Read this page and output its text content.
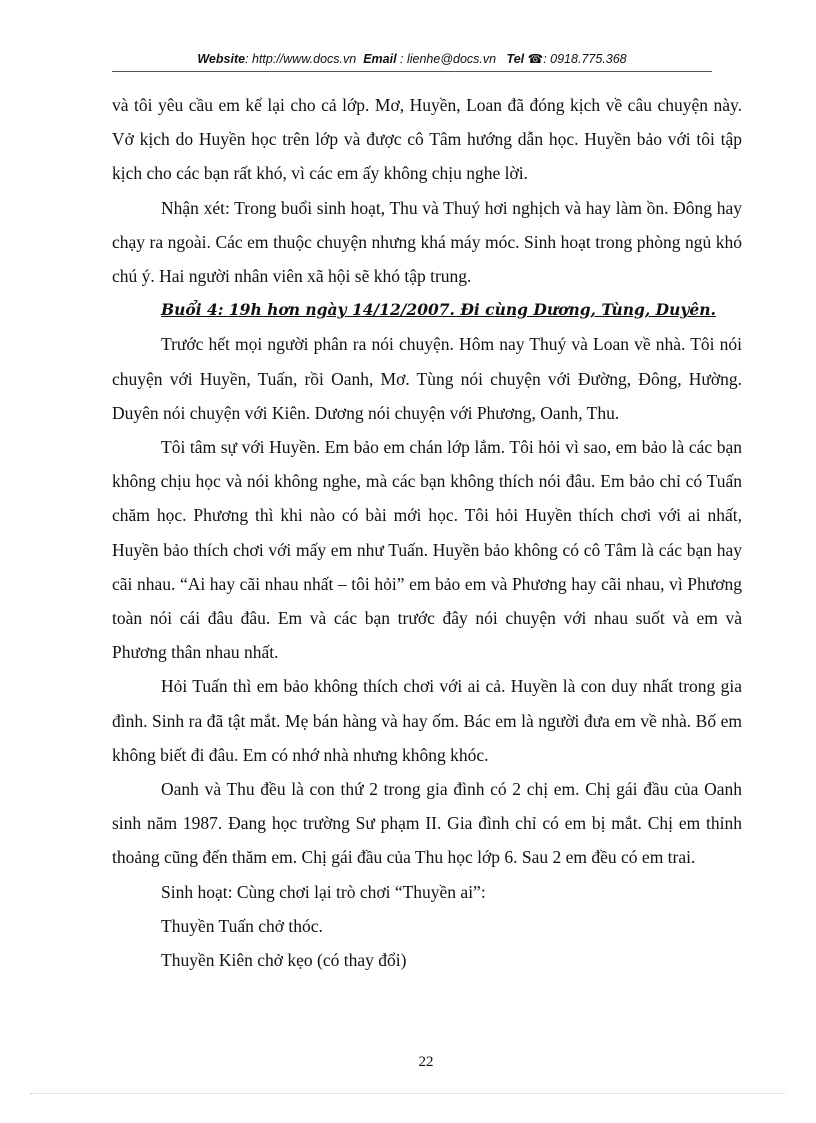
Website: http://www.docs.vn Email : lienhe@docs.vn Tel ☎: 0918.775.368

và tôi yêu cầu em kể lại cho cả lớp. Mơ, Huyền, Loan đã đóng kịch về câu chuyện này. Vở kịch do Huyền học trên lớp và được cô Tâm hướng dẫn học. Huyền bảo với tôi tập kịch cho các bạn rất khó, vì các em ấy không chịu nghe lời.

Nhận xét: Trong buổi sinh hoạt, Thu và Thuý hơi nghịch và hay làm ồn. Đông hay chạy ra ngoài. Các em thuộc chuyện nhưng khá máy móc. Sinh hoạt trong phòng ngủ khó chú ý. Hai người nhân viên xã hội sẽ khó tập trung.

Buổi 4: 19h hơn ngày 14/12/2007. Đi cùng Dương, Tùng, Duyên.

Trước hết mọi người phân ra nói chuyện. Hôm nay Thuý và Loan về nhà. Tôi nói chuyện với Huyền, Tuấn, rồi Oanh, Mơ. Tùng nói chuyện với Đường, Đông, Hường. Duyên nói chuyện với Kiên. Dương nói chuyện với Phương, Oanh, Thu.

Tôi tâm sự với Huyền. Em bảo em chán lớp lắm. Tôi hỏi vì sao, em bảo là các bạn không chịu học và nói không nghe, mà các bạn không thích nói đâu. Em bảo chỉ có Tuấn chăm học. Phương thì khi nào có bài mới học. Tôi hỏi Huyền thích chơi với ai nhất, Huyền bảo thích chơi với mấy em như Tuấn. Huyền bảo không có cô Tâm là các bạn hay cãi nhau. “Ai hay cãi nhau nhất – tôi hỏi” em bảo em và Phương hay cãi nhau, vì Phương toàn nói cái đâu đâu. Em và các bạn trước đây nói chuyện với nhau suốt và em và Phương thân nhau nhất.

Hỏi Tuấn thì em bảo không thích chơi với ai cả. Huyền là con duy nhất trong gia đình. Sinh ra đã tật mắt. Mẹ bán hàng và hay ốm. Bác em là người đưa em về nhà. Bố em không biết đi đâu. Em có nhớ nhà nhưng không khóc.

Oanh và Thu đều là con thứ 2 trong gia đình có 2 chị em. Chị gái đầu của Oanh sinh năm 1987. Đang học trường Sư phạm II. Gia đình chỉ có em bị mắt. Chị em thỉnh thoảng cũng đến thăm em. Chị gái đầu của Thu học lớp 6. Sau 2 em đều có em trai.

Sinh hoạt: Cùng chơi lại trò chơi “Thuyền ai”:

Thuyền Tuấn chở thóc.

Thuyền Kiên chở kẹo (có thay đổi)

22
